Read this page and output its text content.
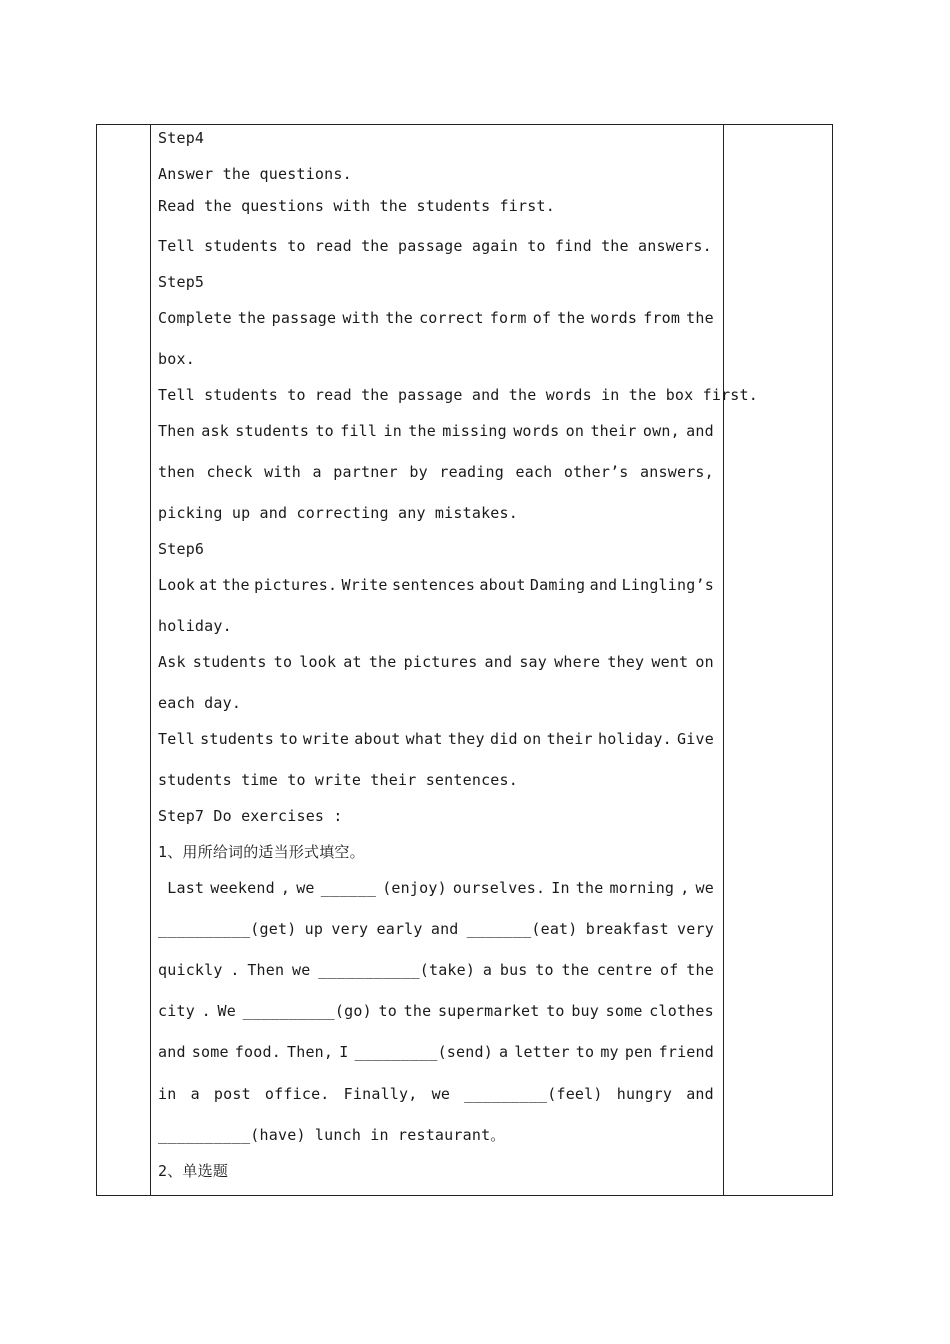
Step4
Answer the questions.
Read the questions with the students first.
Tell students to read the passage again to find the answers.
Step5
Complete the passage with the correct form of the words from the
box.
Tell students to read the passage and the words in the box first.
Then ask students to fill in the missing words on their own, and
then check with a partner by reading each other’s answers,
picking up and correcting any mistakes.
Step6
Look at the pictures. Write sentences about Daming and Lingling’s
holiday.
Ask students to look at the pictures and say where they went on
each day.
Tell students to write about what they did on their holiday. Give
students time to write their sentences.
Step7 Do exercises :
1、用所给词的适当形式填空。
Last weekend , we ______ (enjoy) ourselves. In the morning , we
__________(get) up very early and _______(eat) breakfast very
quickly . Then we ___________(take) a bus to the centre of the
city . We __________(go) to the supermarket to buy some clothes
and some food. Then, I _________(send) a letter to my pen friend
in a post office. Finally, we _________(feel) hungry and
__________(have) lunch in restaurant。
2、单选题
